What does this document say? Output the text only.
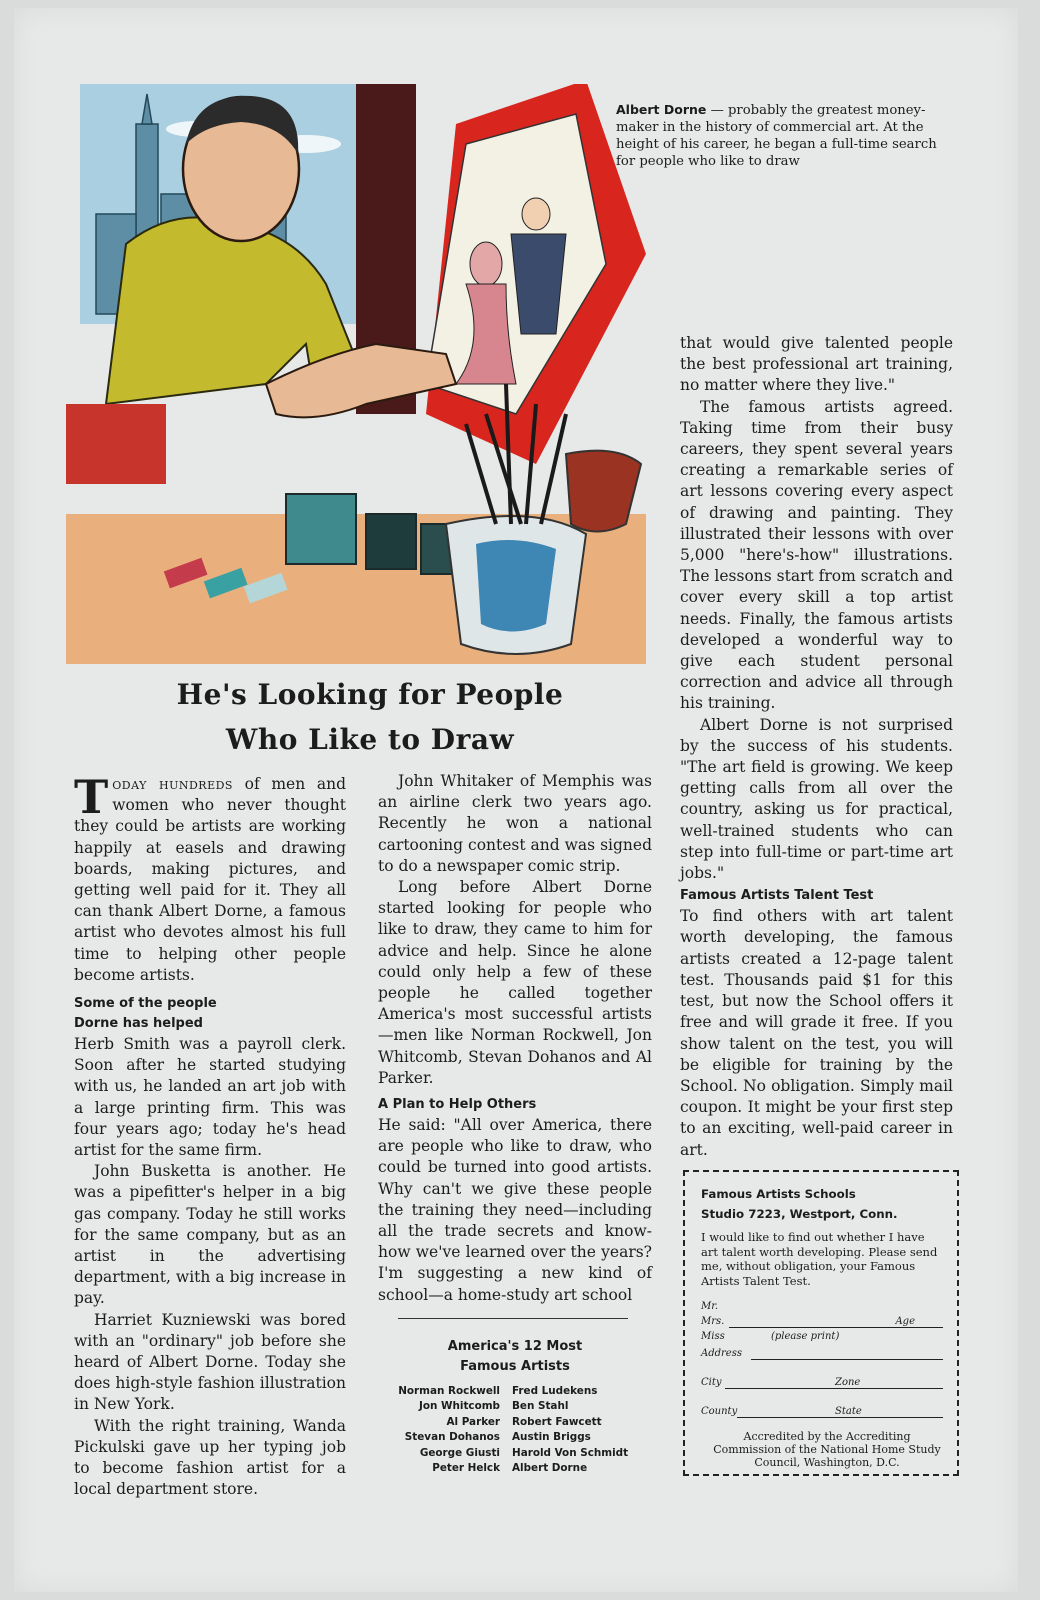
Albert Dorne — probably the greatest money-maker in the history of commercial art. At the height of his career, he began a full-time search for people who like to draw
He's Looking for People
Who Like to Draw

Today hundreds of men and women who never thought they could be artists are working happily at easels and drawing boards, making pictures, and getting well paid for it. They all can thank Albert Dorne, a famous artist who devotes almost his full time to helping other people become artists.

Some of the people

Dorne has helped

Herb Smith was a payroll clerk. Soon after he started studying with us, he landed an art job with a large printing firm. This was four years ago; today he's head artist for the same firm.

John Busketta is another. He was a pipefitter's helper in a big gas company. Today he still works for the same company, but as an artist in the advertising department, with a big increase in pay.

Harriet Kuzniewski was bored with an "ordinary" job before she heard of Albert Dorne. Today she does high-style fashion illustration in New York.

With the right training, Wanda Pickulski gave up her typing job to become fashion artist for a local department store.

John Whitaker of Memphis was an airline clerk two years ago. Recently he won a national cartooning contest and was signed to do a newspaper comic strip.

Long before Albert Dorne started looking for people who like to draw, they came to him for advice and help. Since he alone could only help a few of these people he called together America's most successful artists—men like Norman Rockwell, Jon Whitcomb, Stevan Dohanos and Al Parker.

A Plan to Help Others

He said: "All over America, there are people who like to draw, who could be turned into good artists. Why can't we give these people the training they need—including all the trade secrets and know-how we've learned over the years? I'm suggesting a new kind of school—a home-study art school

America's 12 Most
Famous Artists
Norman Rockwell	Fred Ludekens
Jon Whitcomb	Ben Stahl
Al Parker	Robert Fawcett
Stevan Dohanos	Austin Briggs
George Giusti	Harold Von Schmidt
Peter Helck	Albert Dorne

that would give talented people the best professional art training, no matter where they live."

The famous artists agreed. Taking time from their busy careers, they spent several years creating a remarkable series of art lessons covering every aspect of drawing and painting. They illustrated their lessons with over 5,000 "here's-how" illustrations. The lessons start from scratch and cover every skill a top artist needs. Finally, the famous artists developed a wonderful way to give each student personal correction and advice all through his training.

Albert Dorne is not surprised by the success of his students. "The art field is growing. We keep getting calls from all over the country, asking us for practical, well-trained students who can step into full-time or part-time art jobs."

Famous Artists Talent Test

To find others with art talent worth developing, the famous artists created a 12-page talent test. Thousands paid $1 for this test, but now the School offers it free and will grade it free. If you show talent on the test, you will be eligible for training by the School. No obligation. Simply mail coupon. It might be your first step to an exciting, well-paid career in art.

Famous Artists Schools
Studio 7223, Westport, Conn.
I would like to find out whether I have art talent worth developing. Please send me, without obligation, your Famous Artists Talent Test.
Mr.
Mrs.	Age
Miss	(please print)
Address
City	Zone
County	State
Accredited by the Accrediting Commission of the National Home Study Council, Washington, D.C.
